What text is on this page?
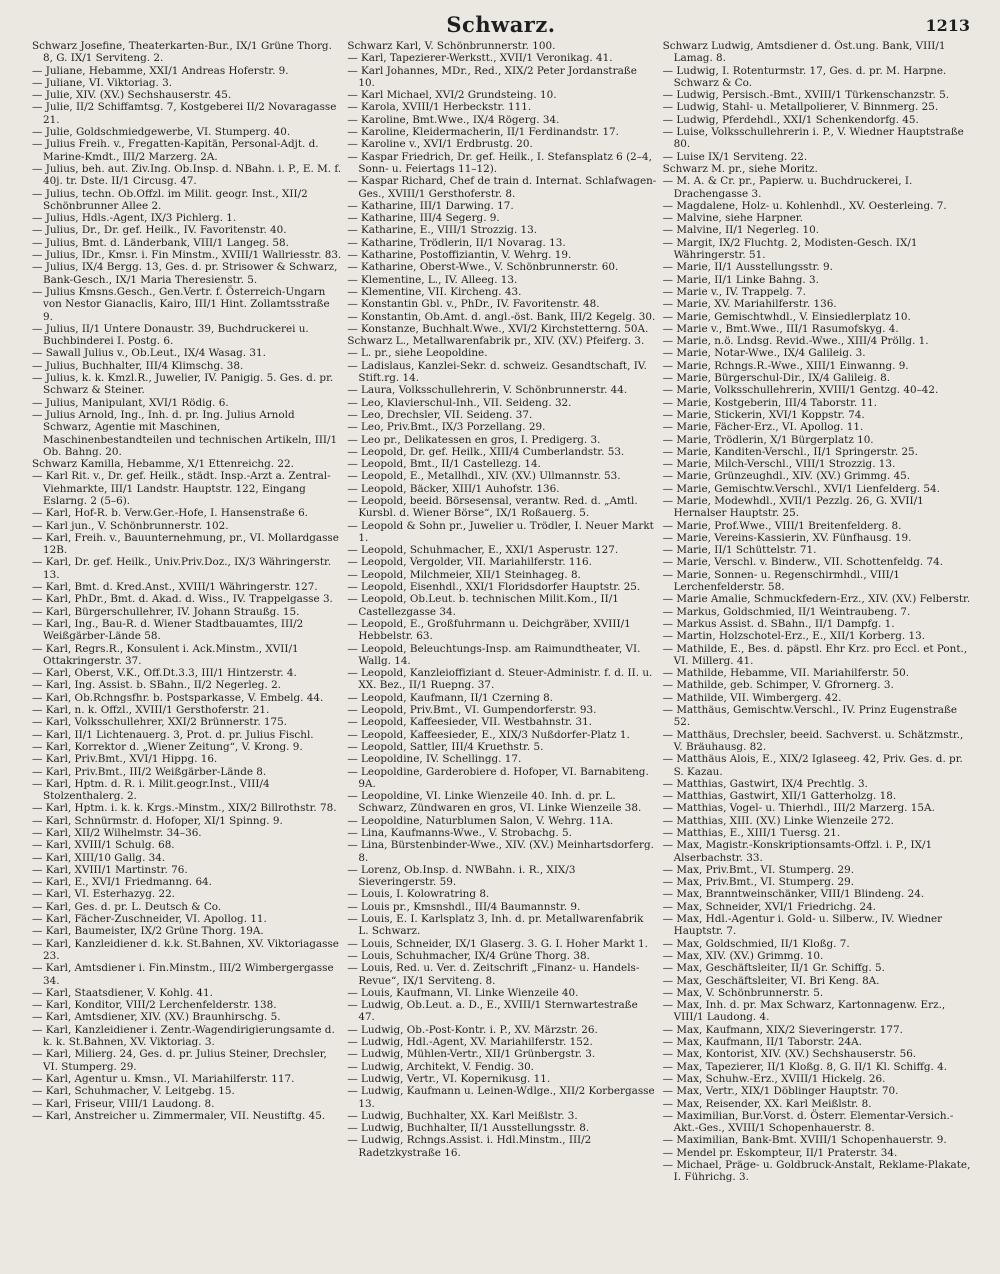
Schwarz.	1213

Schwarz Josefine, Theaterkarten-Bur., IX/1 Grüne Thorg. 8, G. IX/1 Serviteng. 2.

— Juliane, Hebamme, XXI/1 Andreas Hoferstr. 9.

— Juliane, VI. Viktoriag. 3.

— Julie, XIV. (XV.) Sechshauserstr. 45.

— Julie, II/2 Schiffamtsg. 7, Kostgeberei II/2 Novaragasse 21.

— Julie, Goldschmiedgewerbe, VI. Stumperg. 40.

— Julius Freih. v., Fregatten-Kapitän, Personal-Adjt. d. Marine-Kmdt., III/2 Marzerg. 2A.

— Julius, beh. aut. Ziv.Ing. Ob.Insp. d. NBahn. i. P., E. M. f. 40j. tr. Dste. II/1 Circusg. 47.

— Julius, techn. Ob.Offzl. im Milit. geogr. Inst., XII/2 Schönbrunner Allee 2.

— Julius, Hdls.-Agent, IX/3 Pichlerg. 1.

— Julius, Dr., Dr. gef. Heilk., IV. Favoritenstr. 40.

— Julius, Bmt. d. Länderbank, VIII/1 Langeg. 58.

— Julius, IDr., Kmsr. i. Fin Minstm., XVIII/1 Wallriesstr. 83.

— Julius, IX/4 Bergg. 13, Ges. d. pr. Strisower & Schwarz, Bank-Gesch., IX/1 Maria Theresienstr. 5.

— Julius Kmsns.Gesch., Gen.Vertr. f. Österreich-Ungarn von Nestor Gianaclis, Kairo, III/1 Hint. Zollamtsstraße 9.

— Julius, II/1 Untere Donaustr. 39, Buchdruckerei u. Buchbinderei I. Postg. 6.

— Sawall Julius v., Ob.Leut., IX/4 Wasag. 31.

— Julius, Buchhalter, III/4 Klimschg. 38.

— Julius, k. k. Kmzl.R., Juwelier, IV. Panigig. 5. Ges. d. pr. Schwarz & Steiner.

— Julius, Manipulant, XVI/1 Rödig. 6.

— Julius Arnold, Ing., Inh. d. pr. Ing. Julius Arnold Schwarz, Agentie mit Maschinen, Maschinenbestandteilen und technischen Artikeln, III/1 Ob. Bahng. 20.

Schwarz Kamilla, Hebamme, X/1 Ettenreichg. 22.

— Karl Rit. v., Dr. gef. Heilk., städt. Insp.-Arzt a. Zentral-Viehmarkte, III/1 Landstr. Hauptstr. 122, Eingang Eslarng. 2 (5–6).

— Karl, Hof-R. b. Verw.Ger.-Hofe, I. Hansenstraße 6.

— Karl jun., V. Schönbrunnerstr. 102.

— Karl, Freih. v., Bauunternehmung, pr., VI. Mollardgasse 12B.

— Karl, Dr. gef. Heilk., Univ.Priv.Doz., IX/3 Währingerstr. 13.

— Karl, Bmt. d. Kred.Anst., XVIII/1 Währingerstr. 127.

— Karl, PhDr., Bmt. d. Akad. d. Wiss., IV. Trappelgasse 3.

— Karl, Bürgerschullehrer, IV. Johann Straußg. 15.

— Karl, Ing., Bau-R. d. Wiener Stadtbauamtes, III/2 Weißgärber-Lände 58.

— Karl, Regrs.R., Konsulent i. Ack.Minstm., XVII/1 Ottakringerstr. 37.

— Karl, Oberst, V.K., Off.Dt.3.3, III/1 Hintzerstr. 4.

— Karl, Ing. Assist. b. SBahn., II/2 Negerleg. 2.

— Karl, Ob.Rchngsfhr. b. Postsparkasse, V. Embelg. 44.

— Karl, n. k. Offzl., XVIII/1 Gersthoferstr. 21.

— Karl, Volksschullehrer, XXI/2 Brünnerstr. 175.

— Karl, II/1 Lichtenauerg. 3, Prot. d. pr. Julius Fischl.

— Karl, Korrektor d. „Wiener Zeitung“, V. Krong. 9.

— Karl, Priv.Bmt., XVI/1 Hippg. 16.

— Karl, Priv.Bmt., III/2 Weißgärber-Lände 8.

— Karl, Hptm. d. R. i. Milit.geogr.Inst., VIII/4 Stolzenthalerg. 2.

— Karl, Hptm. i. k. k. Krgs.-Minstm., XIX/2 Billrothstr. 78.

— Karl, Schnürmstr. d. Hofoper, XI/1 Spinng. 9.

— Karl, XII/2 Wilhelmstr. 34–36.

— Karl, XVIII/1 Schulg. 68.

— Karl, XIII/10 Gallg. 34.

— Karl, XVIII/1 Martinstr. 76.

— Karl, E., XVI/1 Friedmanng. 64.

— Karl, VI. Esterhazyg. 22.

— Karl, Ges. d. pr. L. Deutsch & Co.

— Karl, Fächer-Zuschneider, VI. Apollog. 11.

— Karl, Baumeister, IX/2 Grüne Thorg. 19A.

— Karl, Kanzleidiener d. k.k. St.Bahnen, XV. Viktoriagasse 23.

— Karl, Amtsdiener i. Fin.Minstm., III/2 Wimbergergasse 34.

— Karl, Staatsdiener, V. Kohlg. 41.

— Karl, Konditor, VIII/2 Lerchenfelderstr. 138.

— Karl, Amtsdiener, XIV. (XV.) Braunhirschg. 5.

— Karl, Kanzleidiener i. Zentr.-Wagendirigierungsamte d. k. k. St.Bahnen, XV. Viktoriag. 3.

— Karl, Milierg. 24, Ges. d. pr. Julius Steiner, Drechsler, VI. Stumperg. 29.

— Karl, Agentur u. Kmsn., VI. Mariahilferstr. 117.

— Karl, Schuhmacher, V. Leitgebg. 15.

— Karl, Friseur, VIII/1 Laudong. 8.

— Karl, Anstreicher u. Zimmermaler, VII. Neustiftg. 45.

Schwarz Karl, V. Schönbrunnerstr. 100.

— Karl, Tapezierer-Werkstt., XVII/1 Veronikag. 41.

— Karl Johannes, MDr., Red., XIX/2 Peter Jordanstraße 10.

— Karl Michael, XVI/2 Grundsteing. 10.

— Karola, XVIII/1 Herbeckstr. 111.

— Karoline, Bmt.Wwe., IX/4 Rögerg. 34.

— Karoline, Kleidermacherin, II/1 Ferdinandstr. 17.

— Karoline v., XVI/1 Erdbrustg. 20.

— Kaspar Friedrich, Dr. gef. Heilk., I. Stefansplatz 6 (2–4, Sonn- u. Feiertags 11–12).

— Kaspar Richard, Chef de train d. Internat. Schlafwagen-Ges., XVIII/1 Gersthoferstr. 8.

— Katharine, III/1 Darwing. 17.

— Katharine, III/4 Segerg. 9.

— Katharine, E., VIII/1 Strozzig. 13.

— Katharine, Trödlerin, II/1 Novarag. 13.

— Katharine, Postoffiziantin, V. Wehrg. 19.

— Katharine, Oberst-Wwe., V. Schönbrunnerstr. 60.

— Klementine, L., IV. Alleeg. 13.

— Klementine, VII. Kircheng. 43.

— Konstantin Gbl. v., PhDr., IV. Favoritenstr. 48.

— Konstantin, Ob.Amt. d. angl.-öst. Bank, III/2 Kegelg. 30.

— Konstanze, Buchhalt.Wwe., XVI/2 Kirchstetterng. 50A.

Schwarz L., Metallwarenfabrik pr., XIV. (XV.) Pfeiferg. 3.

— L. pr., siehe Leopoldine.

— Ladislaus, Kanzlei-Sekr. d. schweiz. Gesandtschaft, IV. Stift.rg. 14.

— Laura, Volksschullehrerin, V. Schönbrunnerstr. 44.

— Leo, Klavierschul-Inh., VII. Seideng. 32.

— Leo, Drechsler, VII. Seideng. 37.

— Leo, Priv.Bmt., IX/3 Porzellang. 29.

— Leo pr., Delikatessen en gros, I. Predigerg. 3.

— Leopold, Dr. gef. Heilk., XIII/4 Cumberlandstr. 53.

— Leopold, Bmt., II/1 Castellezg. 14.

— Leopold, E., Metallhdl., XIV. (XV.) Ullmannstr. 53.

— Leopold, Bäcker, XIII/1 Auhofstr. 136.

— Leopold, beeid. Börsesensal, verantw. Red. d. „Amtl. Kursbl. d. Wiener Börse“, IX/1 Roßauerg. 5.

— Leopold & Sohn pr., Juwelier u. Trödler, I. Neuer Markt 1.

— Leopold, Schuhmacher, E., XXI/1 Asperustr. 127.

— Leopold, Vergolder, VII. Mariahilferstr. 116.

— Leopold, Milchmeier, XII/1 Steinhageg. 8.

— Leopold, Eisenhdl., XXI/1 Floridsdorfer Hauptstr. 25.

— Leopold, Ob.Leut. b. technischen Milit.Kom., II/1 Castellezgasse 34.

— Leopold, E., Großfuhrmann u. Deichgräber, XVIII/1 Hebbelstr. 63.

— Leopold, Beleuchtungs-Insp. am Raimundtheater, VI. Wallg. 14.

— Leopold, Kanzleioffiziant d. Steuer-Administr. f. d. II. u. XX. Bez., II/1 Ruepng. 37.

— Leopold, Kaufmann, II/1 Czerning 8.

— Leopold, Priv.Bmt., VI. Gumpendorferstr. 93.

— Leopold, Kaffeesieder, VII. Westbahnstr. 31.

— Leopold, Kaffeesieder, E., XIX/3 Nußdorfer-Platz 1.

— Leopold, Sattler, III/4 Kruethstr. 5.

— Leopoldine, IV. Schellingg. 17.

— Leopoldine, Garderobiere d. Hofoper, VI. Barnabiteng. 9A.

— Leopoldine, VI. Linke Wienzeile 40. Inh. d. pr. L. Schwarz, Zündwaren en gros, VI. Linke Wienzeile 38.

— Leopoldine, Naturblumen Salon, V. Wehrg. 11A.

— Lina, Kaufmanns-Wwe., V. Strobachg. 5.

— Lina, Bürstenbinder-Wwe., XIV. (XV.) Meinhartsdorferg. 8.

— Lorenz, Ob.Insp. d. NWBahn. i. R., XIX/3 Sieveringerstr. 59.

— Louis, I. Kolowratring 8.

— Louis pr., Kmsnshdl., III/4 Baumannstr. 9.

— Louis, E. I. Karlsplatz 3, Inh. d. pr. Metallwarenfabrik L. Schwarz.

— Louis, Schneider, IX/1 Glaserg. 3. G. I. Hoher Markt 1.

— Louis, Schuhmacher, IX/4 Grüne Thorg. 38.

— Louis, Red. u. Ver. d. Zeitschrift „Finanz- u. Handels-Revue“, IX/1 Serviteng. 8.

— Louis, Kaufmann, VI. Linke Wienzeile 40.

— Ludwig, Ob.Leut. a. D., E., XVIII/1 Sternwartestraße 47.

— Ludwig, Ob.-Post-Kontr. i. P., XV. Märzstr. 26.

— Ludwig, Hdl.-Agent, XV. Mariahilferstr. 152.

— Ludwig, Mühlen-Vertr., XII/1 Grünbergstr. 3.

— Ludwig, Architekt, V. Fendig. 30.

— Ludwig, Vertr., VI. Kopernikusg. 11.

— Ludwig, Kaufmann u. Leinen-Wdlge., XII/2 Korbergasse 13.

— Ludwig, Buchhalter, XX. Karl Meißlstr. 3.

— Ludwig, Buchhalter, II/1 Ausstellungsstr. 8.

— Ludwig, Rchngs.Assist. i. Hdl.Minstm., III/2 Radetzkystraße 16.

Schwarz Ludwig, Amtsdiener d. Öst.ung. Bank, VIII/1 Lamag. 8.

— Ludwig, I. Rotenturmstr. 17, Ges. d. pr. M. Harpne. Schwarz & Co.

— Ludwig, Persisch.-Bmt., XVIII/1 Türkenschanzstr. 5.

— Ludwig, Stahl- u. Metallpolierer, V. Binnmerg. 25.

— Ludwig, Pferdehdl., XXI/1 Schenkendorfg. 45.

— Luise, Volksschullehrerin i. P., V. Wiedner Hauptstraße 80.

— Luise IX/1 Serviteng. 22.

Schwarz M. pr., siehe Moritz.

— M. A. & Cr. pr., Papierw. u. Buchdruckerei, I. Drachengasse 3.

— Magdalene, Holz- u. Kohlenhdl., XV. Oesterleing. 7.

— Malvine, siehe Harpner.

— Malvine, II/1 Negerleg. 10.

— Margit, IX/2 Fluchtg. 2, Modisten-Gesch. IX/1 Währingerstr. 51.

— Marie, II/1 Ausstellungsstr. 9.

— Marie, II/1 Linke Bahng. 3.

— Marie v., IV. Trappelg. 7.

— Marie, XV. Mariahilferstr. 136.

— Marie, Gemischtwhdl., V. Einsiedlerplatz 10.

— Marie v., Bmt.Wwe., III/1 Rasumofskyg. 4.

— Marie, n.ö. Lndsg. Revid.-Wwe., XIII/4 Pröllg. 1.

— Marie, Notar-Wwe., IX/4 Galileig. 3.

— Marie, Rchngs.R.-Wwe., XIII/1 Einwanng. 9.

— Marie, Bürgerschul-Dir., IX/4 Galileig. 8.

— Marie, Volksschullehrerin, XVIII/1 Gentzg. 40–42.

— Marie, Kostgeberin, III/4 Taborstr. 11.

— Marie, Stickerin, XVI/1 Koppstr. 74.

— Marie, Fächer-Erz., VI. Apollog. 11.

— Marie, Trödlerin, X/1 Bürgerplatz 10.

— Marie, Kanditen-Verschl., II/1 Springerstr. 25.

— Marie, Milch-Verschl., VIII/1 Strozzig. 13.

— Marie, Grünzeughdl., XIV. (XV.) Grimmg. 45.

— Marie, Gemischtw.Verschl., XVI/1 Lienfelderg. 54.

— Marie, Modewhdl., XVII/1 Pezzlg. 26, G. XVII/1 Hernalser Hauptstr. 25.

— Marie, Prof.Wwe., VIII/1 Breitenfelderg. 8.

— Marie, Vereins-Kassierin, XV. Fünfhausg. 19.

— Marie, II/1 Schüttelstr. 71.

— Marie, Verschl. v. Binderw., VII. Schottenfeldg. 74.

— Marie, Sonnen- u. Regenschirmhdl., VIII/1 Lerchenfelderstr. 58.

— Marie Amalie, Schmuckfedern-Erz., XIV. (XV.) Felberstr.

— Markus, Goldschmied, II/1 Weintraubeng. 7.

— Markus Assist. d. SBahn., II/1 Dampfg. 1.

— Martin, Holzschotel-Erz., E., XII/1 Korberg. 13.

— Mathilde, E., Bes. d. päpstl. Ehr Krz. pro Eccl. et Pont., VI. Millerg. 41.

— Mathilde, Hebamme, VII. Mariahilferstr. 50.

— Mathilde, geb. Schimper, V. Gfrornerg. 3.

— Mathilde, VII. Wimbergerg. 42.

— Matthäus, Gemischtw.Verschl., IV. Prinz Eugenstraße 52.

— Matthäus, Drechsler, beeid. Sachverst. u. Schätzmstr., V. Bräuhausg. 82.

— Matthäus Alois, E., XIX/2 Iglaseeg. 42, Priv. Ges. d. pr. S. Kazau.

— Matthias, Gastwirt, IX/4 Prechtlg. 3.

— Matthias, Gastwirt, XII/1 Gatterholzg. 18.

— Matthias, Vogel- u. Thierhdl., III/2 Marzerg. 15A.

— Matthias, XIII. (XV.) Linke Wienzeile 272.

— Matthias, E., XIII/1 Tuersg. 21.

— Max, Magistr.-Konskriptionsamts-Offzl. i. P., IX/1 Alserbachstr. 33.

— Max, Priv.Bmt., VI. Stumperg. 29.

— Max, Priv.Bmt., VI. Stumperg. 29.

— Max, Branntweinschänker, VIII/1 Blindeng. 24.

— Max, Schneider, XVI/1 Friedrichg. 24.

— Max, Hdl.-Agentur i. Gold- u. Silberw., IV. Wiedner Hauptstr. 7.

— Max, Goldschmied, II/1 Kloßg. 7.

— Max, XIV. (XV.) Grimmg. 10.

— Max, Geschäftsleiter, II/1 Gr. Schiffg. 5.

— Max, Geschäftsleiter, VI. Bri Keng. 8A.

— Max, V. Schönbrunnerstr. 5.

— Max, Inh. d. pr. Max Schwarz, Kartonnagenw. Erz., VIII/1 Laudong. 4.

— Max, Kaufmann, XIX/2 Sieveringerstr. 177.

— Max, Kaufmann, II/1 Taborstr. 24A.

— Max, Kontorist, XIV. (XV.) Sechshauserstr. 56.

— Max, Tapezierer, II/1 Kloßg. 8, G. II/1 Kl. Schiffg. 4.

— Max, Schuhw.-Erz., XVIII/1 Hickelg. 26.

— Max, Vertr., XIX/1 Döblinger Hauptstr. 70.

— Max, Reisender, XX. Karl Meißlstr. 8.

— Maximilian, Bur.Vorst. d. Österr. Elementar-Versich.-Akt.-Ges., XVIII/1 Schopenhauerstr. 8.

— Maximilian, Bank-Bmt. XVIII/1 Schopenhauerstr. 9.

— Mendel pr. Eskompteur, II/1 Praterstr. 34.

— Michael, Präge- u. Goldbruck-Anstalt, Reklame-Plakate, I. Führichg. 3.
